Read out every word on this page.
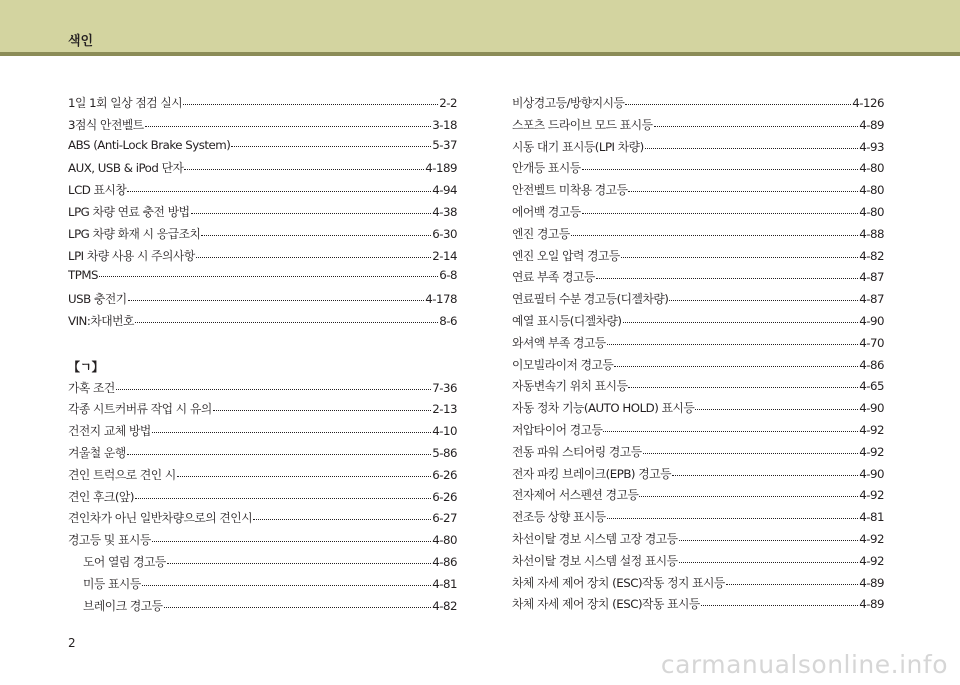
색인
1일 1회 일상 점검 실시	2-2
3점식 안전벨트	3-18
ABS (Anti-Lock Brake System)	5-37
AUX, USB & iPod 단자	4-189
LCD 표시창	4-94
LPG 차량 연료 충전 방법	4-38
LPG 차량 화재 시 응급조치	6-30
LPI 차량 사용 시 주의사항	2-14
TPMS	6-8
USB 충전기	4-178
VIN:차대번호	8-6
【ㄱ】
가혹 조건	7-36
각종 시트커버류 작업 시 유의	2-13
건전지 교체 방법	4-10
겨울철 운행	5-86
견인 트럭으로 견인 시	6-26
견인 후크(앞)	6-26
견인차가 아닌 일반차량으로의 견인시	6-27
경고등 및 표시등	4-80
도어 열림 경고등	4-86
미등 표시등	4-81
브레이크 경고등	4-82
비상경고등/방향지시등	4-126
스포츠 드라이브 모드 표시등	4-89
시동 대기 표시등(LPI 차량)	4-93
안개등 표시등	4-80
안전벨트 미착용 경고등	4-80
에어백 경고등	4-80
엔진 경고등	4-88
엔진 오일 압력 경고등	4-82
연료 부족 경고등	4-87
연료필터 수분 경고등(디젤차량)	4-87
예열 표시등(디젤차량)	4-90
와셔액 부족 경고등	4-70
이모빌라이저 경고등	4-86
자동변속기 위치 표시등	4-65
자동 정차 기능(AUTO HOLD) 표시등	4-90
저압타이어 경고등	4-92
전동 파워 스티어링 경고등	4-92
전자 파킹 브레이크(EPB) 경고등	4-90
전자제어 서스펜션 경고등	4-92
전조등 상향 표시등	4-81
차선이탈 경보 시스템 고장 경고등	4-92
차선이탈 경보 시스템 설정 표시등	4-92
차체 자세 제어 장치 (ESC)작동 정지 표시등	4-89
차체 자세 제어 장치 (ESC)작동 표시등	4-89
2
carmanualsonline.info
